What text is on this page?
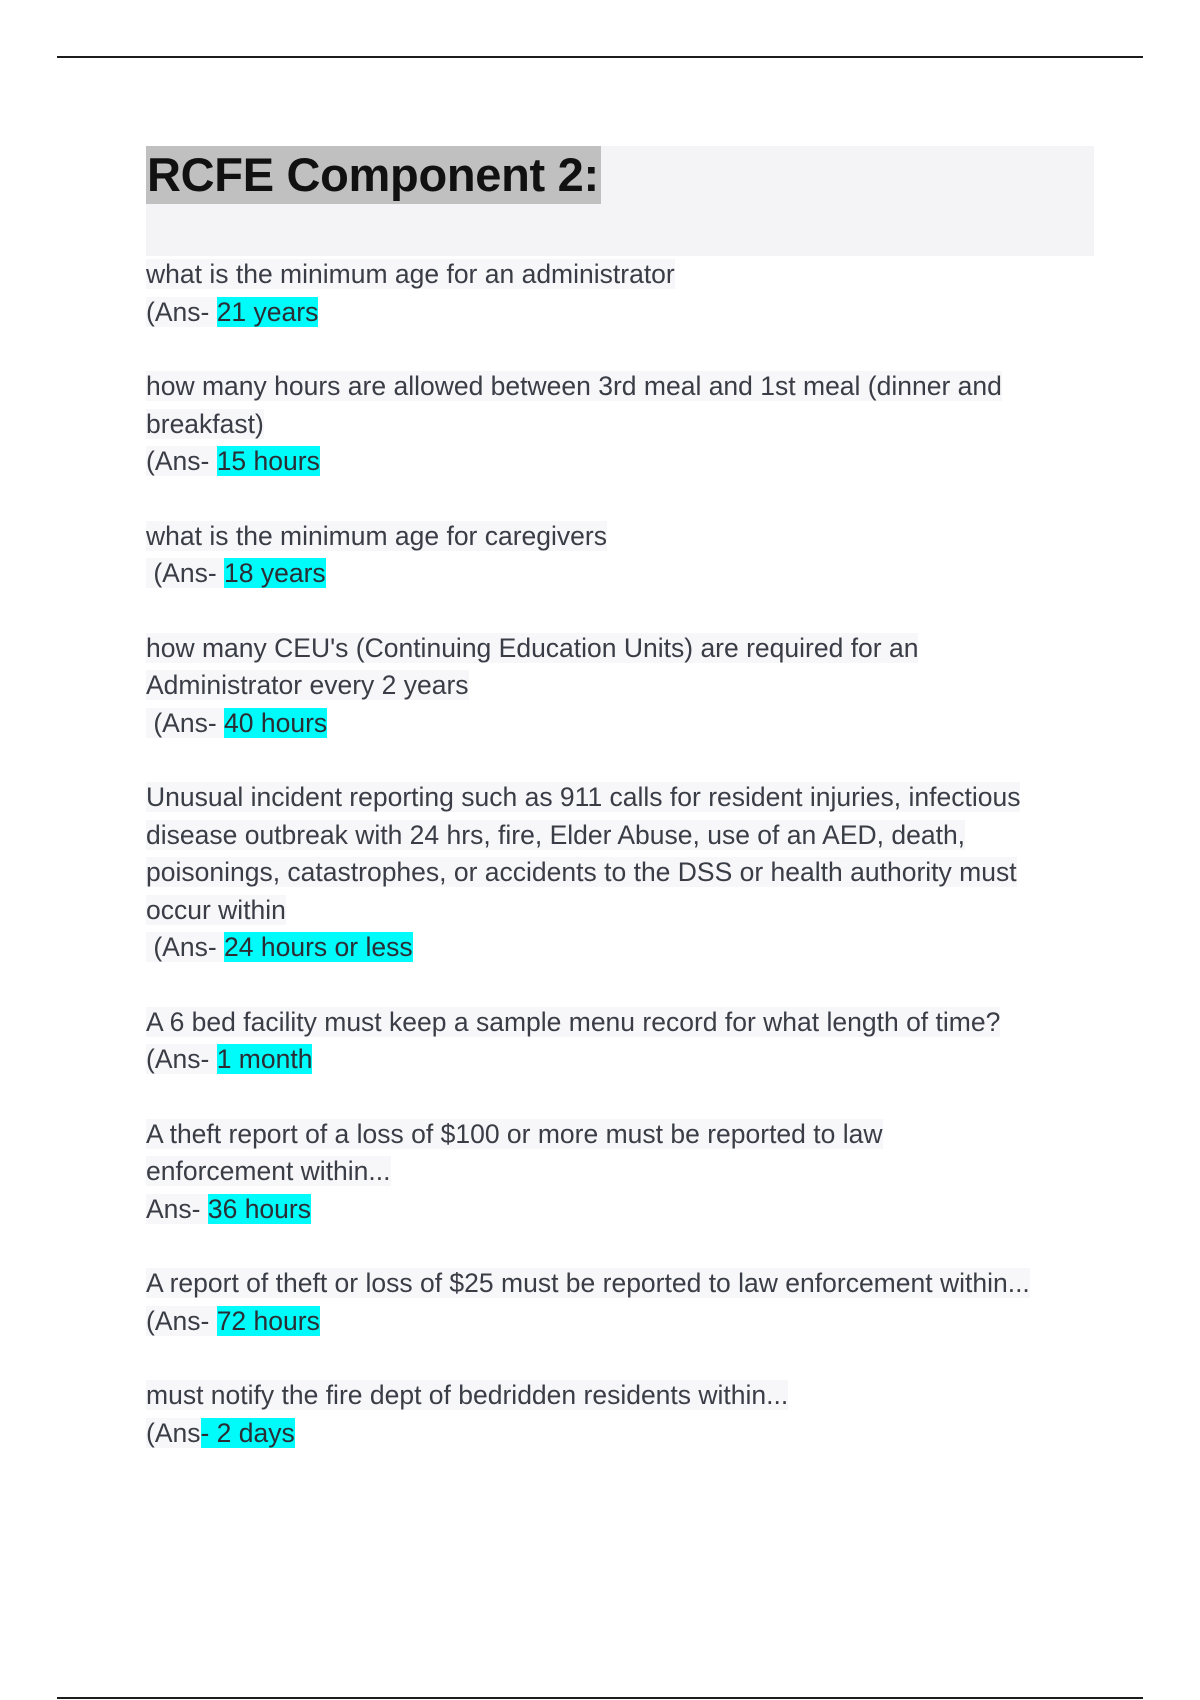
RCFE Component 2:
what is the minimum age for an administrator
(Ans- 21 years
how many hours are allowed between 3rd meal and 1st meal (dinner and
breakfast)
(Ans- 15 hours
what is the minimum age for caregivers
(Ans- 18 years
how many CEU's (Continuing Education Units) are required for an
Administrator every 2 years
(Ans- 40 hours
Unusual incident reporting such as 911 calls for resident injuries, infectious
disease outbreak with 24 hrs, fire, Elder Abuse, use of an AED, death,
poisonings, catastrophes, or accidents to the DSS or health authority must
occur within
(Ans- 24 hours or less
A 6 bed facility must keep a sample menu record for what length of time?
(Ans- 1 month
A theft report of a loss of $100 or more must be reported to law
enforcement within...
Ans- 36 hours
A report of theft or loss of $25 must be reported to law enforcement within...
(Ans- 72 hours
must notify the fire dept of bedridden residents within...
(Ans- 2 days
